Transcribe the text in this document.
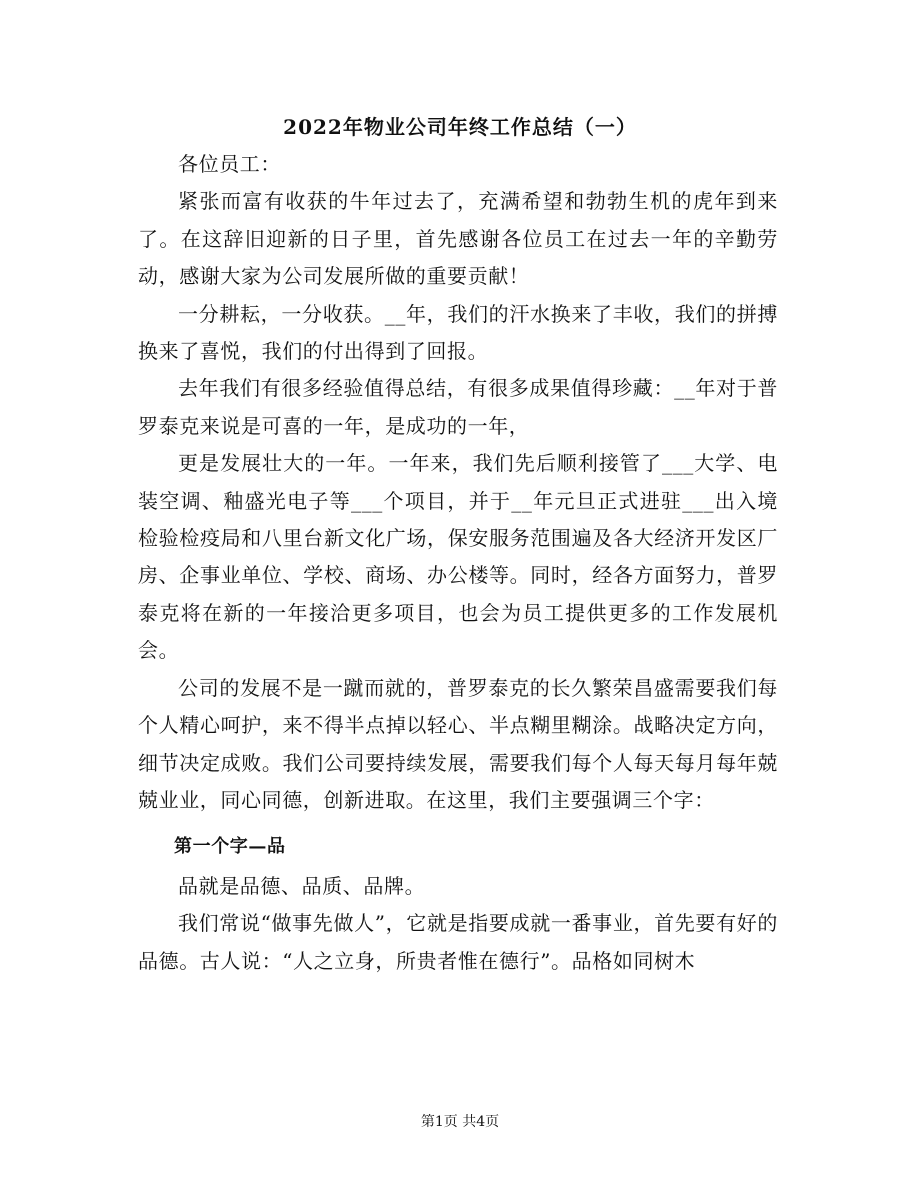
2022年物业公司年终工作总结（一）

各位员工：

紧张而富有收获的牛年过去了，充满希望和勃勃生机的虎年到来了。在这辞旧迎新的日子里，首先感谢各位员工在过去一年的辛勤劳动，感谢大家为公司发展所做的重要贡献！

一分耕耘，一分收获。__年，我们的汗水换来了丰收，我们的拼搏换来了喜悦，我们的付出得到了回报。

去年我们有很多经验值得总结，有很多成果值得珍藏：__年对于普罗泰克来说是可喜的一年，是成功的一年，

更是发展壮大的一年。一年来，我们先后顺利接管了___大学、电装空调、釉盛光电子等___个项目，并于__年元旦正式进驻___出入境检验检疫局和八里台新文化广场，保安服务范围遍及各大经济开发区厂房、企事业单位、学校、商场、办公楼等。同时，经各方面努力，普罗泰克将在新的一年接洽更多项目，也会为员工提供更多的工作发展机会。

公司的发展不是一蹴而就的，普罗泰克的长久繁荣昌盛需要我们每个人精心呵护，来不得半点掉以轻心、半点糊里糊涂。战略决定方向，细节决定成败。我们公司要持续发展，需要我们每个人每天每月每年兢兢业业，同心同德，创新进取。在这里，我们主要强调三个字：

第一个字—品

品就是品德、品质、品牌。

我们常说“做事先做人”，它就是指要成就一番事业，首先要有好的品德。古人说：“人之立身，所贵者惟在德行”。品格如同树木

第1页 共4页
